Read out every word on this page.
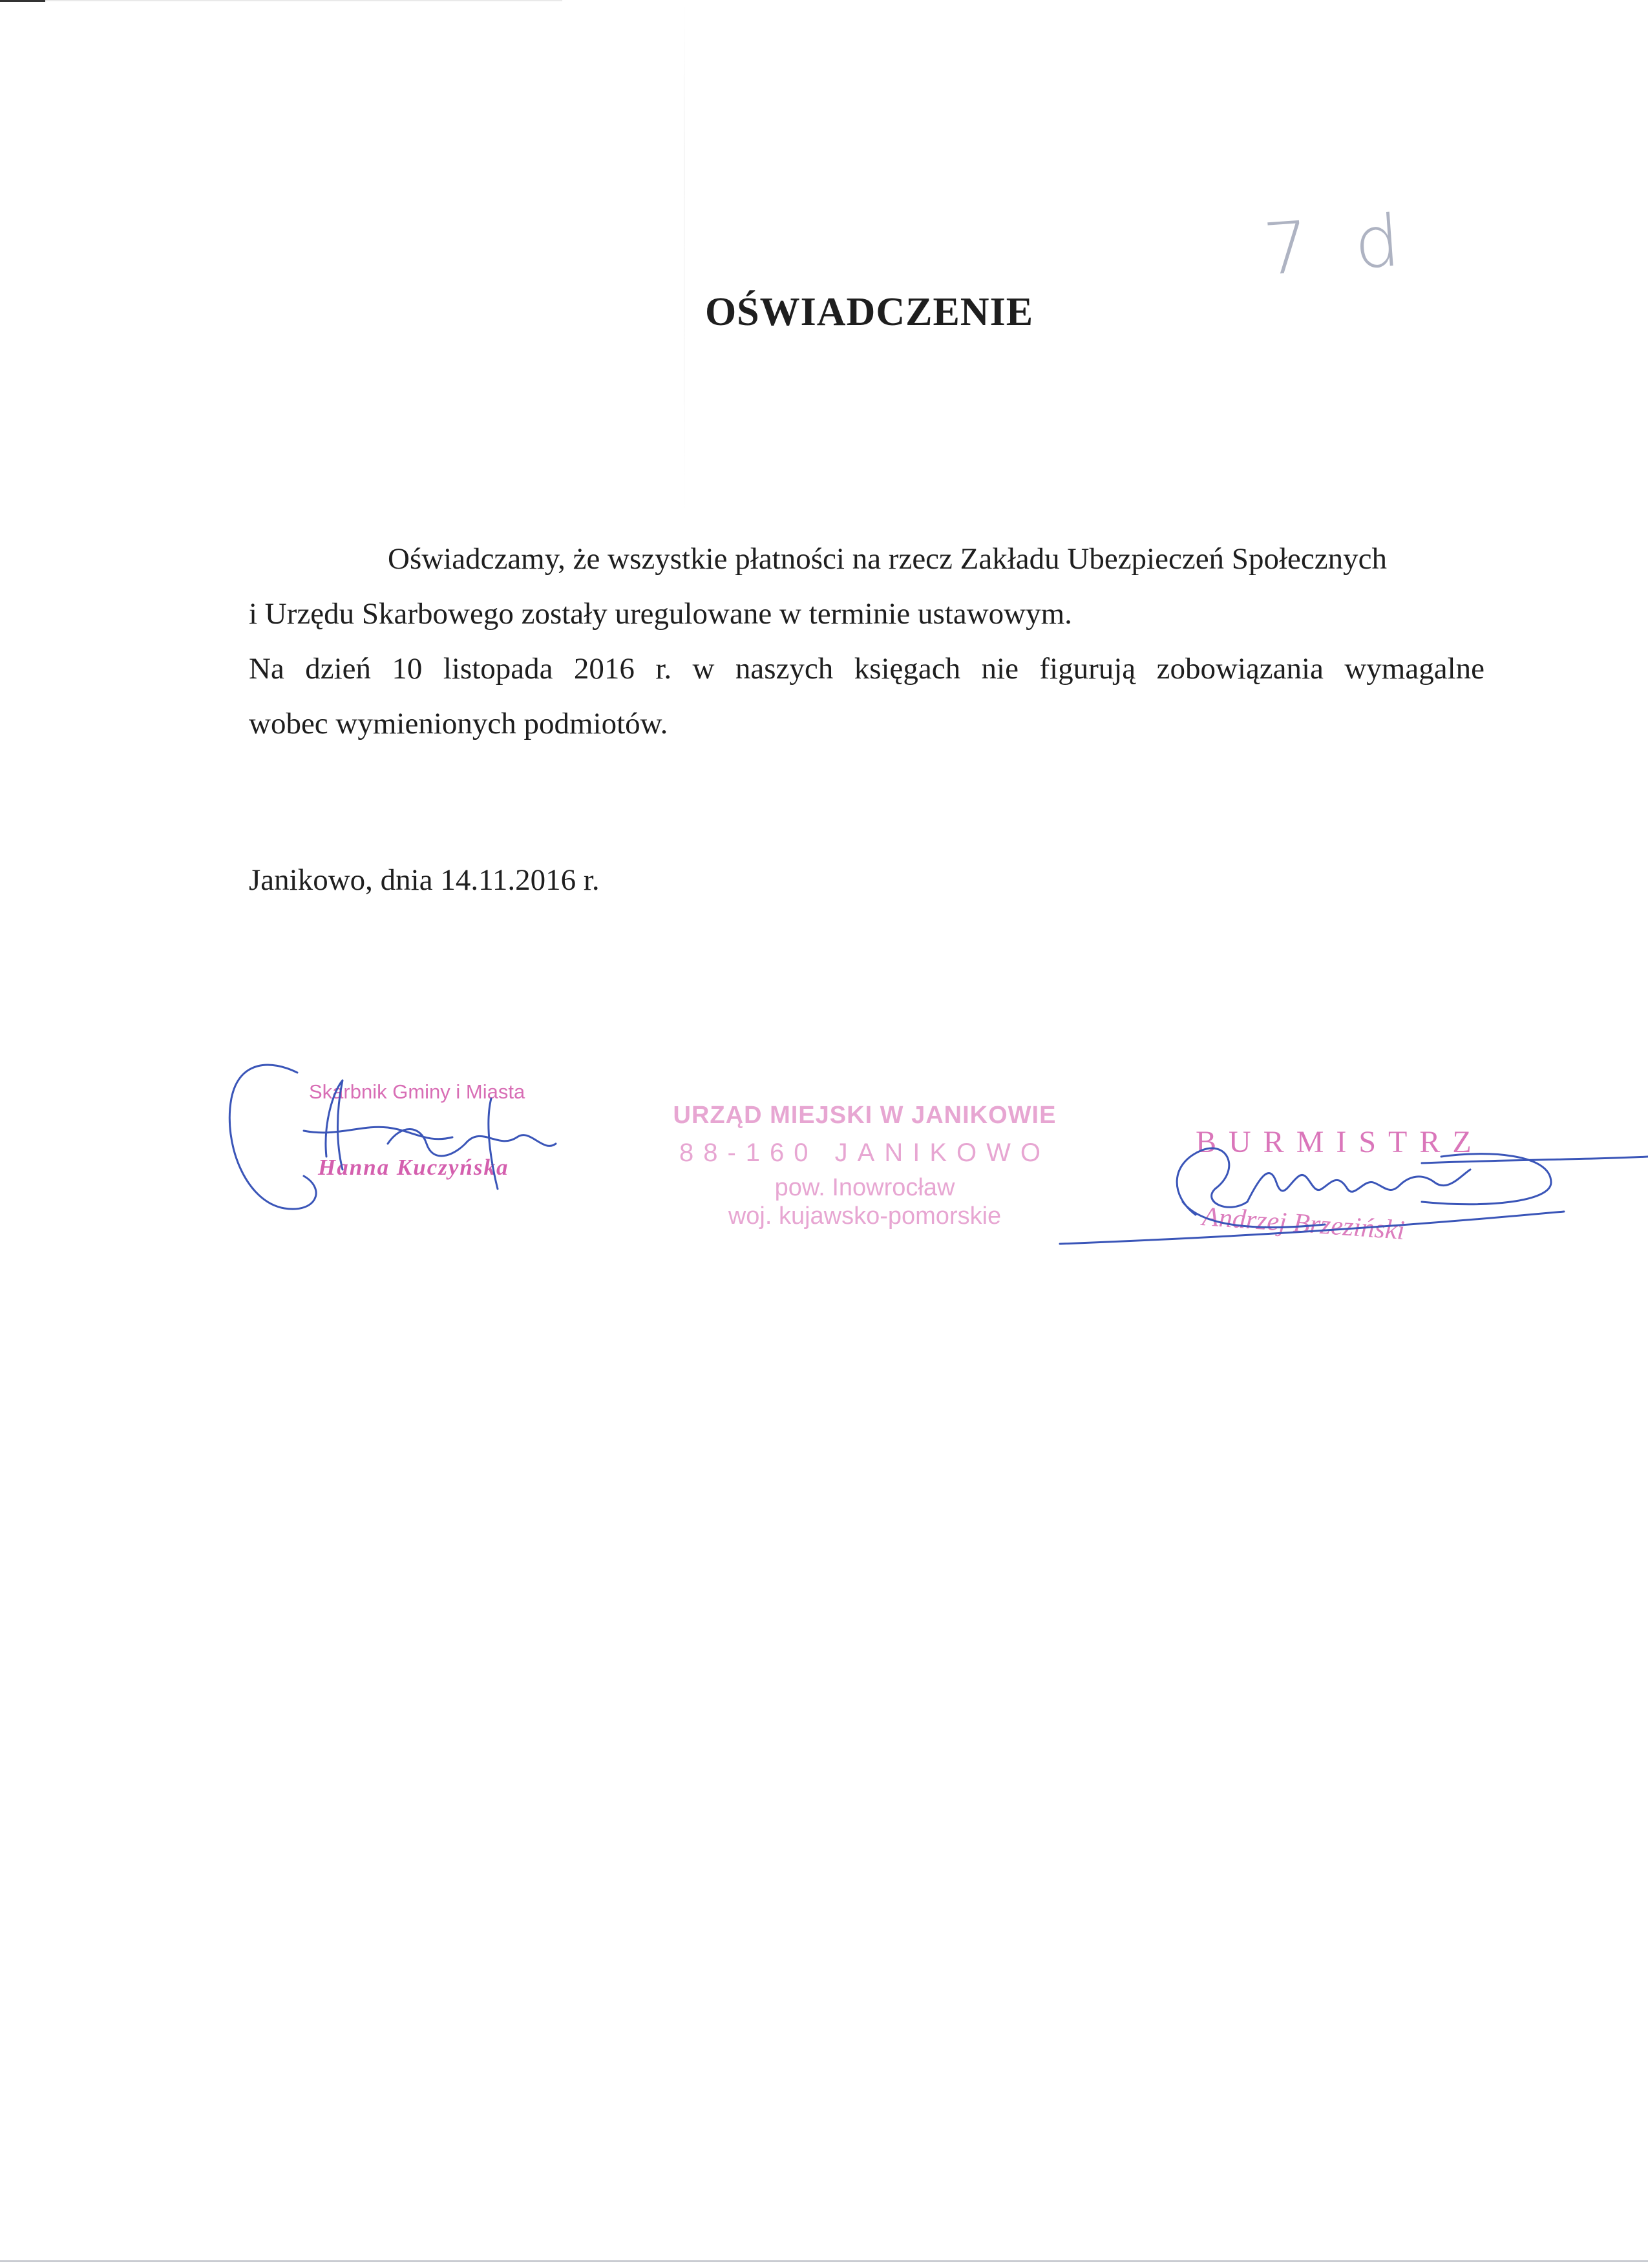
7 d
OŚWIADCZENIE

Oświadczamy, że wszystkie płatności na rzecz Zakładu Ubezpieczeń Społecznych

i Urzędu Skarbowego zostały uregulowane w terminie ustawowym.

Na dzień 10 listopada 2016 r. w naszych księgach nie figurują zobowiązania wymagalne

wobec wymienionych podmiotów.

Janikowo, dnia 14.11.2016 r.
Skarbnik Gminy i Miasta
Hanna Kuczyńska
URZĄD MIEJSKI W JANIKOWIE
88-160 JANIKOWO
pow. Inowrocław
woj. kujawsko-pomorskie
BURMISTRZ
Andrzej Brzeziński
